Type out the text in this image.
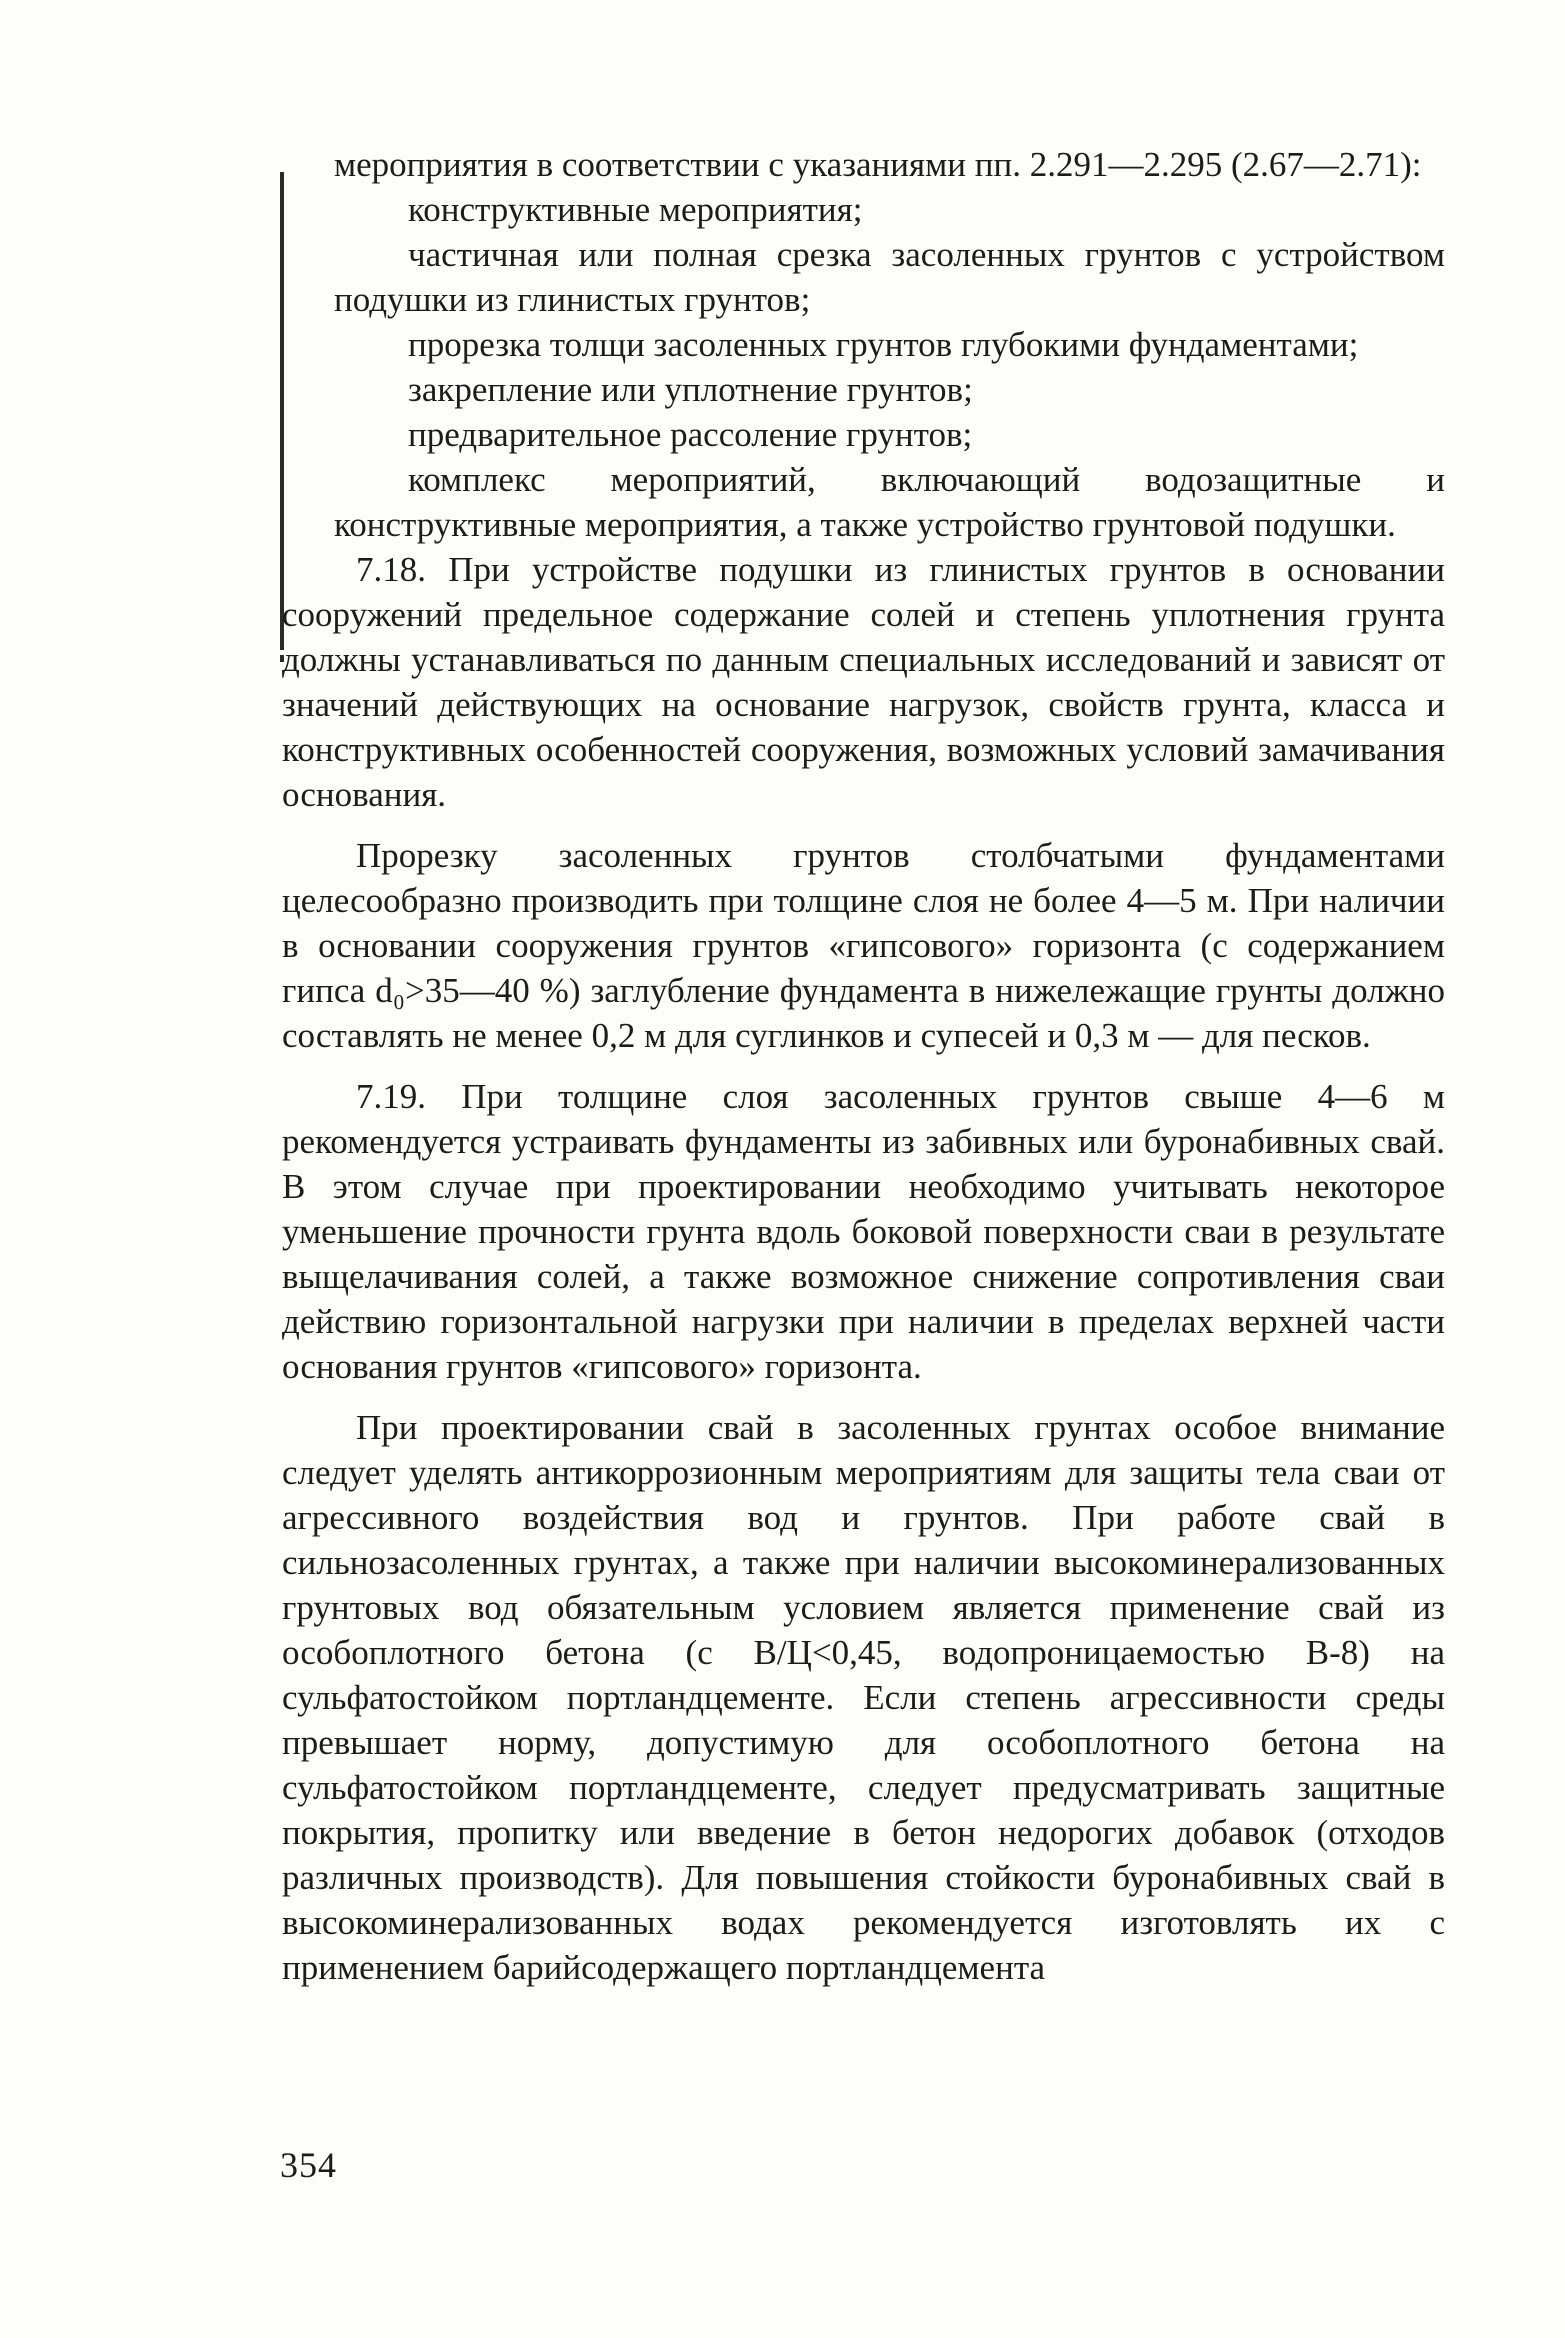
мероприятия в соответствии с указаниями пп. 2.291—2.295 (2.67—2.71):

конструктивные мероприятия;

частичная или полная срезка засоленных грунтов с устройством подушки из глинистых грунтов;

прорезка толщи засоленных грунтов глубокими фундаментами;

закрепление или уплотнение грунтов;

предварительное рассоление грунтов;

комплекс мероприятий, включающий водозащитные и конструктивные мероприятия, а также устройство грунтовой подушки.

7.18. При устройстве подушки из глинистых грунтов в основании сооружений предельное содержание солей и степень уплотнения грунта должны устанавливаться по данным специальных исследований и зависят от значений действующих на основание нагрузок, свойств грунта, класса и конструктивных особенностей сооружения, возможных условий замачивания основания.

Прорезку засоленных грунтов столбчатыми фундаментами целесообразно производить при толщине слоя не более 4—5 м. При наличии в основании сооружения грунтов «гипсового» горизонта (с содержанием гипса d₀>35—40 %) заглубление фундамента в нижележащие грунты должно составлять не менее 0,2 м для суглинков и супесей и 0,3 м — для песков.

7.19. При толщине слоя засоленных грунтов свыше 4—6 м рекомендуется устраивать фундаменты из забивных или буронабивных свай. В этом случае при проектировании необходимо учитывать некоторое уменьшение прочности грунта вдоль боковой поверхности сваи в результате выщелачивания солей, а также возможное снижение сопротивления сваи действию горизонтальной нагрузки при наличии в пределах верхней части основания грунтов «гипсового» горизонта.

При проектировании свай в засоленных грунтах особое внимание следует уделять антикоррозионным мероприятиям для защиты тела сваи от агрессивного воздействия вод и грунтов. При работе свай в сильнозасоленных грунтах, а также при наличии высокоминерализованных грунтовых вод обязательным условием является применение свай из особоплотного бетона (с В/Ц<0,45, водопроницаемостью В-8) на сульфатостойком портландцементе. Если степень агрессивности среды превышает норму, допустимую для особоплотного бетона на сульфатостойком портландцементе, следует предусматривать защитные покрытия, пропитку или введение в бетон недорогих добавок (отходов различных производств). Для повышения стойкости буронабивных свай в высокоминерализованных водах рекомендуется изготовлять их с применением барийсодержащего портландцемента

354
